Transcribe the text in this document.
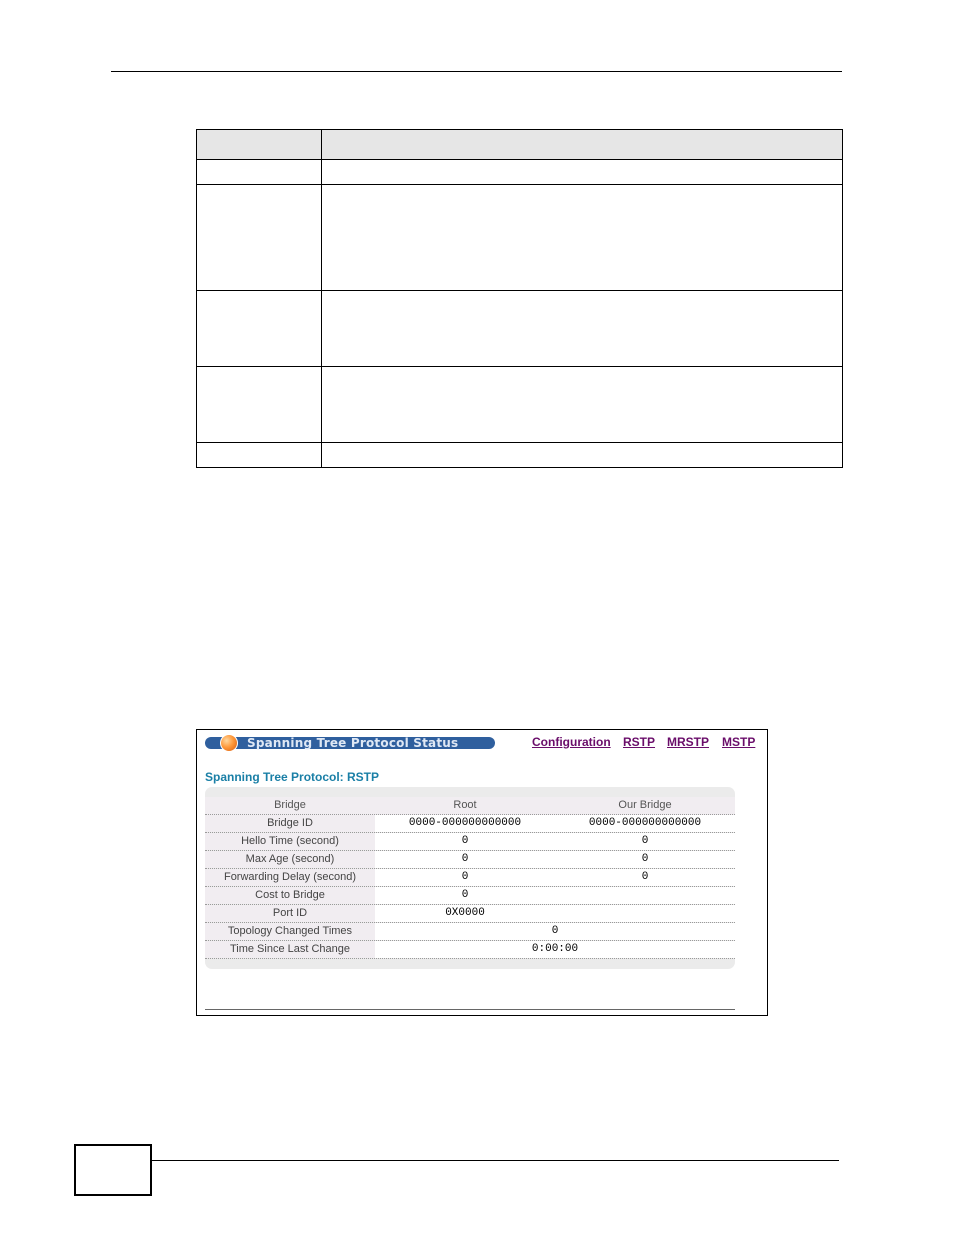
Spanning Tree Protocol Status	Configuration RSTP MRSTP MSTP
Spanning Tree Protocol: RSTP
Bridge	Root	Our Bridge
Bridge ID	0000-000000000000	0000-000000000000
Hello Time (second)	0	0
Max Age (second)	0	0
Forwarding Delay (second)	0	0
Cost to Bridge	0
Port ID	0X0000
Topology Changed Times	0
Time Since Last Change	0:00:00
